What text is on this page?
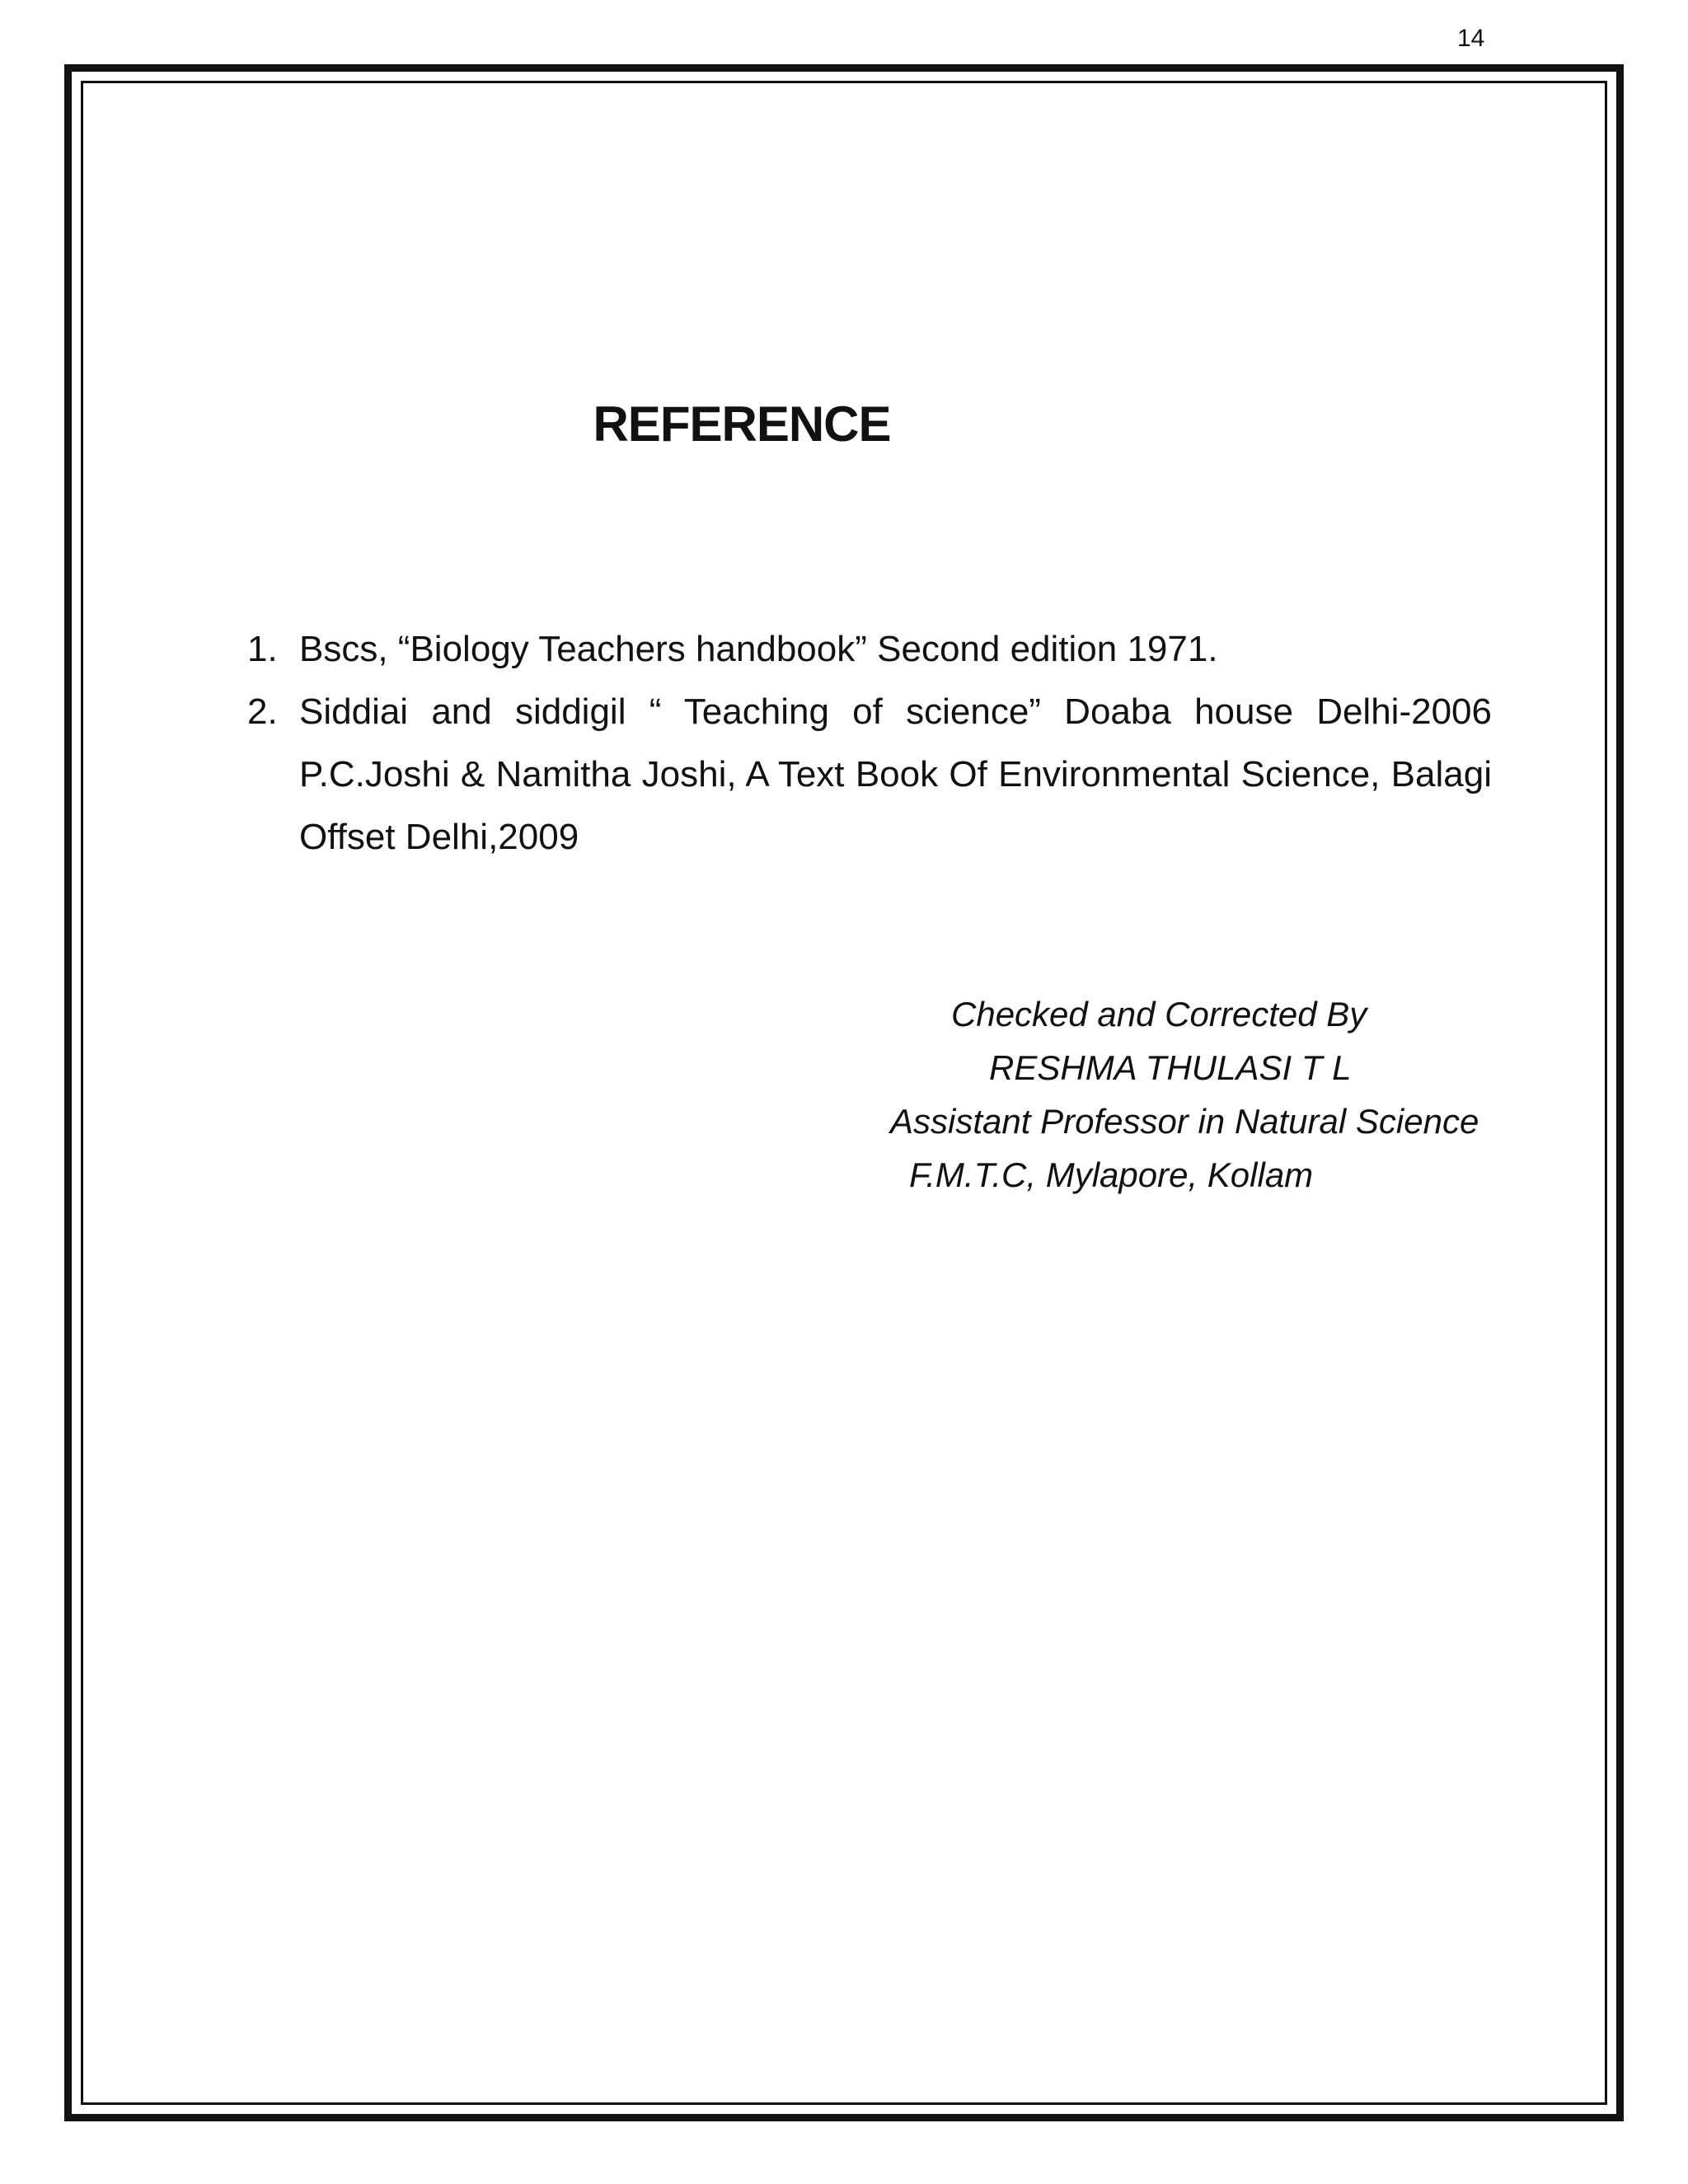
14
REFERENCE
1. Bscs, “Biology Teachers handbook” Second edition 1971.
2. Siddiai and siddigil “ Teaching of science” Doaba house Delhi-2006 P.C.Joshi & Namitha Joshi, A Text Book Of Environmental Science, Balagi Offset Delhi,2009
Checked and Corrected By
RESHMA THULASI T L
Assistant Professor in Natural Science
F.M.T.C, Mylapore, Kollam
